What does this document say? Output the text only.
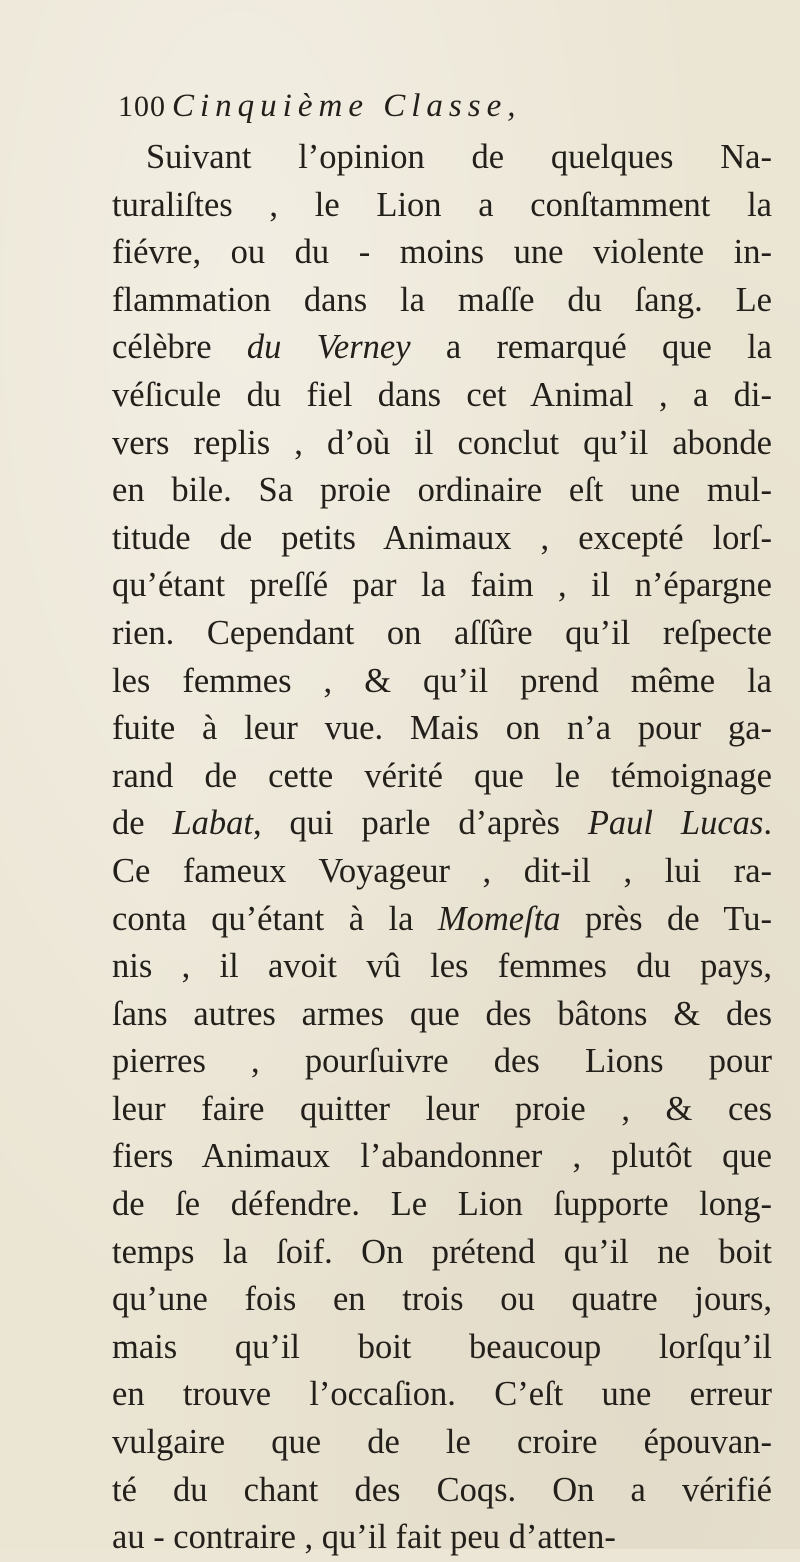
100 Cinquième Classe,
Suivant l’opinion de quelques Na-
turaliſtes , le Lion a conſtamment la
fiévre, ou du - moins une violente in-
flammation dans la maſſe du ſang. Le
célèbre du Verney a remarqué que la
véſicule du fiel dans cet Animal , a di-
vers replis , d’où il conclut qu’il abonde
en bile. Sa proie ordinaire eſt une mul-
titude de petits Animaux , excepté lorſ-
qu’étant preſſé par la faim , il n’épargne
rien. Cependant on aſſûre qu’il reſpecte
les femmes , & qu’il prend même la
fuite à leur vue. Mais on n’a pour ga-
rand de cette vérité que le témoignage
de Labat, qui parle d’après Paul Lucas.
Ce fameux Voyageur , dit-il , lui ra-
conta qu’étant à la Momeſta près de Tu-
nis , il avoit vû les femmes du pays,
ſans autres armes que des bâtons & des
pierres , pourſuivre des Lions pour
leur faire quitter leur proie , & ces
fiers Animaux l’abandonner , plutôt que
de ſe défendre. Le Lion ſupporte long-
temps la ſoif. On prétend qu’il ne boit
qu’une fois en trois ou quatre jours,
mais qu’il boit beaucoup lorſqu’il
en trouve l’occaſion. C’eſt une erreur
vulgaire que de le croire épouvan-
té du chant des Coqs. On a vérifié
au - contraire , qu’il fait peu d’atten-
